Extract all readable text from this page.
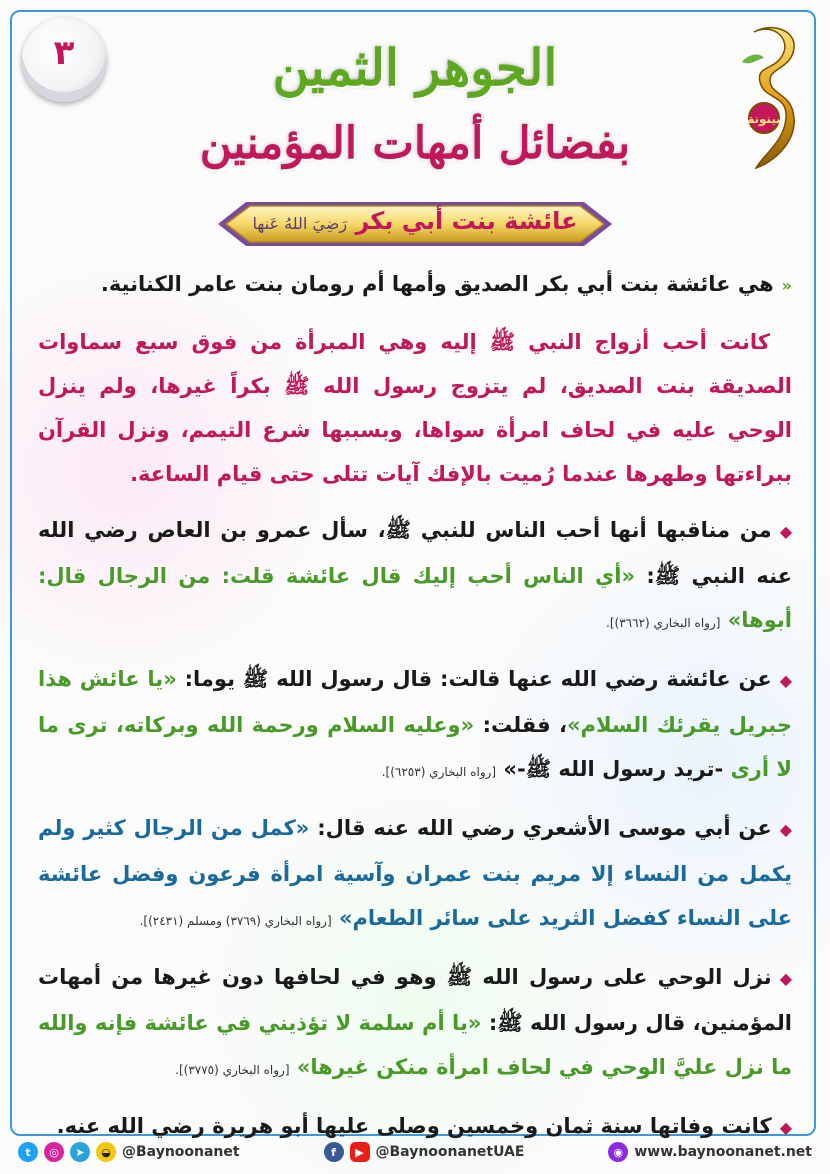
٣
بينونة
الجوهر الثمين
بفضائل أمهات المؤمنين
عائشة بنت أبي بكر رَضِيَ اللهُ عَنها

«هي عائشة بنت أبي بكر الصديق وأمها أم رومان بنت عامر الكنانية.

كانت أحب أزواج النبي ﷺ إليه وهي المبرأة من فوق سبع سماوات الصديقة بنت الصديق، لم يتزوج رسول الله ﷺ بكراً غيرها، ولم ينزل الوحي عليه في لحاف امرأة سواها، وبسببها شرع التيمم، ونزل القرآن ببراءتها وطهرها عندما رُميت بالإفك آيات تتلى حتى قيام الساعة.

◆من مناقبها أنها أحب الناس للنبي ﷺ، سأل عمرو بن العاص رضي الله عنه النبي ﷺ: «أي الناس أحب إليك قال عائشة قلت: من الرجال قال: أبوها» [رواه البخاري (٣٦٦٢)].

◆عن عائشة رضي الله عنها قالت: قال رسول الله ﷺ يوما: «يا عائش هذا جبريل يقرئك السلام»، فقلت: «وعليه السلام ورحمة الله وبركاته، ترى ما لا أرى -تريد رسول الله ﷺ-» [رواه البخاري (٦٢٥٣)].

◆عن أبي موسى الأشعري رضي الله عنه قال: «كمل من الرجال كثير ولم يكمل من النساء إلا مريم بنت عمران وآسية امرأة فرعون وفضل عائشة على النساء كفضل الثريد على سائر الطعام» [رواه البخاري (٣٧٦٩) ومسلم (٢٤٣١)].

◆نزل الوحي على رسول الله ﷺ وهو في لحافها دون غيرها من أمهات المؤمنين، قال رسول الله ﷺ: «يا أم سلمة لا تؤذيني في عائشة فإنه والله ما نزل عليَّ الوحي في لحاف امرأة منكن غيرها» [رواه البخاري (٣٧٧٥)].

◆كانت وفاتها سنة ثمان وخمسين وصلى عليها أبو هريرة رضي الله عنه.

t	◎	➤	◒ @Baynoonanet	f	▶ @BaynoonanetUAE	◉ www.baynoonanet.net
